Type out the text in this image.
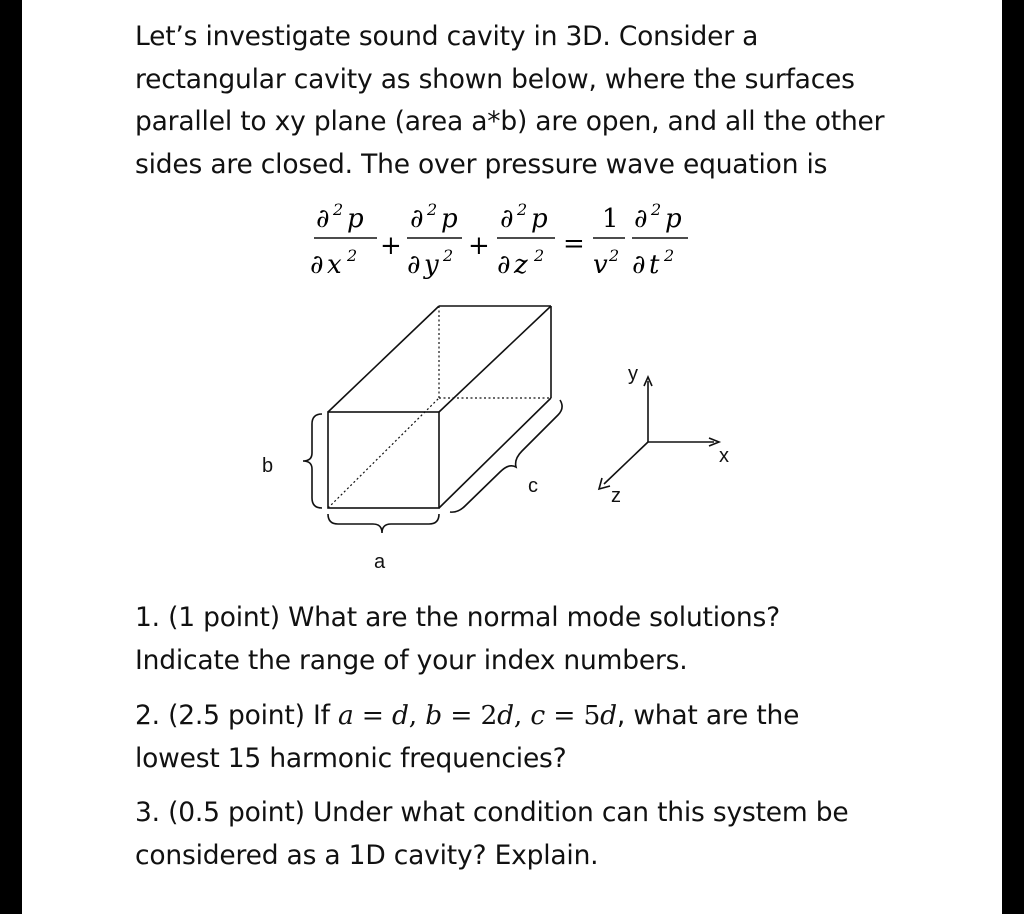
Let’s investigate sound cavity in 3D. Consider a
rectangular cavity as shown below, where the surfaces
parallel to xy plane (area a*b) are open, and all the other
sides are closed. The over pressure wave equation is

∂ 2 p
∂ x 2 +
∂ 2 p
∂ y 2 +
∂ 2 p
∂ z 2 =
1
v 2
∂ 2 p
∂ t 2
b
a
c
y
x
z

1. (1 point) What are the normal mode solutions?
Indicate the range of your index numbers.

2. (2.5 point) If a = d, b = 2d, c = 5d, what are the
lowest 15 harmonic frequencies?

3. (0.5 point) Under what condition can this system be
considered as a 1D cavity? Explain.
